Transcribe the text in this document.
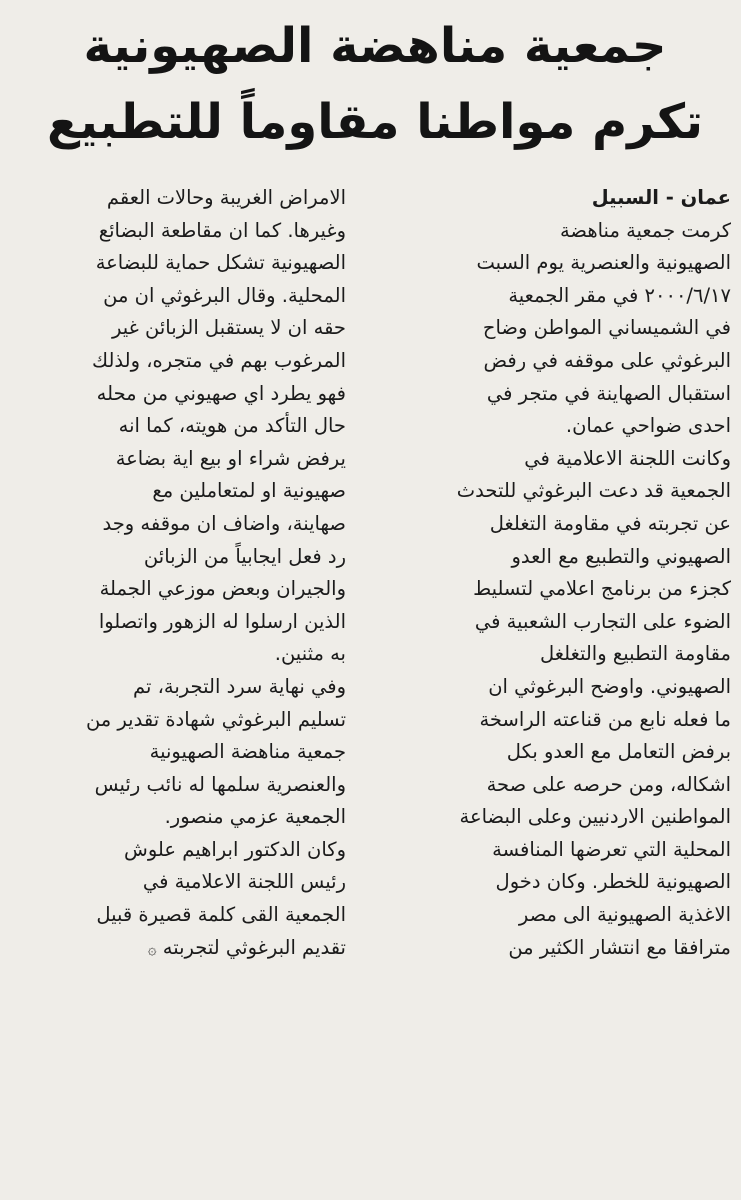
جمعية مناهضة الصهيونية
تكرم مواطنا مقاوماً للتطبيع
عمان - السبيل
كرمت جمعية مناهضة
الصهيونية والعنصرية يوم السبت
٢٠٠٠/٦/١٧ في مقر الجمعية
في الشميساني المواطن وضاح
البرغوثي على موقفه في رفض
استقبال الصهاينة في متجر في
احدى ضواحي عمان.
وكانت اللجنة الاعلامية في
الجمعية قد دعت البرغوثي للتحدث
عن تجربته في مقاومة التغلغل
الصهيوني والتطبيع مع العدو
كجزء من برنامج اعلامي لتسليط
الضوء على التجارب الشعبية في
مقاومة التطبيع والتغلغل
الصهيوني. واوضح البرغوثي ان
ما فعله نابع من قناعته الراسخة
برفض التعامل مع العدو بكل
اشكاله، ومن حرصه على صحة
المواطنين الاردنيين وعلى البضاعة
المحلية التي تعرضها المنافسة
الصهيونية للخطر. وكان دخول
الاغذية الصهيونية الى مصر
مترافقا مع انتشار الكثير من
الامراض الغريبة وحالات العقم
وغيرها. كما ان مقاطعة البضائع
الصهيونية تشكل حماية للبضاعة
المحلية. وقال البرغوثي ان من
حقه ان لا يستقبل الزبائن غير
المرغوب بهم في متجره، ولذلك
فهو يطرد اي صهيوني من محله
حال التأكد من هويته، كما انه
يرفض شراء او بيع اية بضاعة
صهيونية او لمتعاملين مع
صهاينة، واضاف ان موقفه وجد
رد فعل ايجابياً من الزبائن
والجيران وبعض موزعي الجملة
الذين ارسلوا له الزهور واتصلوا
به مثنين.
وفي نهاية سرد التجربة، تم
تسليم البرغوثي شهادة تقدير من
جمعية مناهضة الصهيونية
والعنصرية سلمها له نائب رئيس
الجمعية عزمي منصور.
وكان الدكتور ابراهيم علوش
رئيس اللجنة الاعلامية في
الجمعية القى كلمة قصيرة قبيل
تقديم البرغوثي لتجربته ۞
